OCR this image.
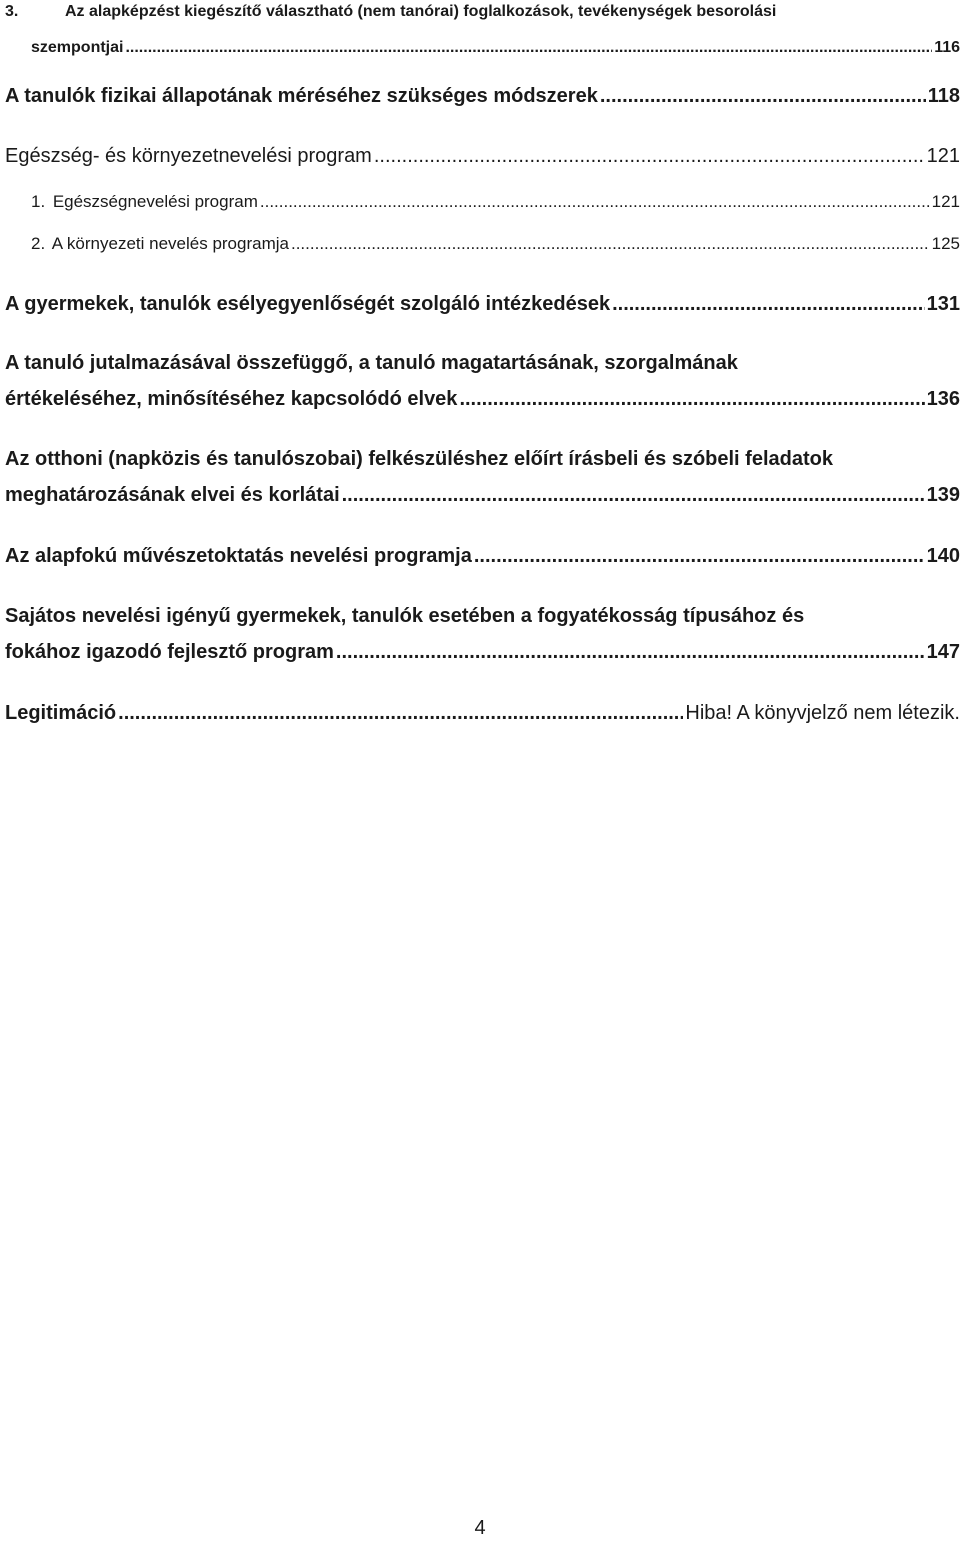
3.	Az alapképzést kiegészítő választható (nem tanórai) foglalkozások, tevékenységek besorolási
szempontjai .....	116
A tanulók fizikai állapotának méréséhez szükséges módszerek .....	118
Egészség- és környezetnevelési program .....	121
1. Egészségnevelési program .....	121
2. A környezeti nevelés programja .....	125
A gyermekek, tanulók esélyegyenlőségét szolgáló intézkedések .....	131
A tanuló jutalmazásával összefüggő, a tanuló magatartásának, szorgalmának
értékeléséhez, minősítéséhez kapcsolódó elvek .....	136
Az otthoni (napközis és tanulószobai) felkészüléshez előírt írásbeli és szóbeli feladatok
meghatározásának elvei és korlátai .....	139
Az alapfokú művészetoktatás nevelési programja .....	140
Sajátos nevelési igényű gyermekek, tanulók esetében a fogyatékosság típusához és
fokához igazodó fejlesztő program .....	147
Legitimáció .....	Hiba! A könyvjelző nem létezik.
4
